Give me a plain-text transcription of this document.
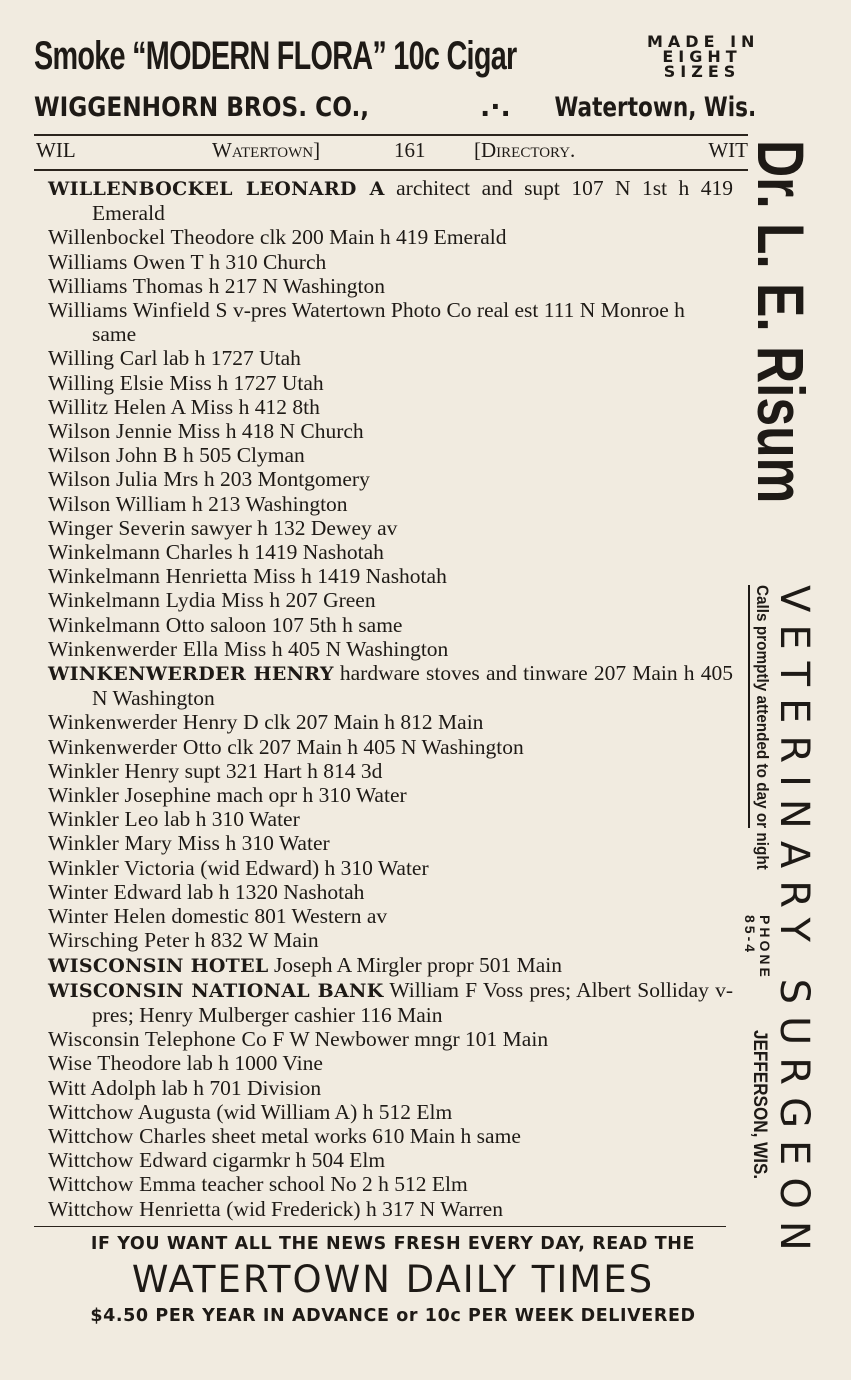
Smoke “MODERN FLORA” 10c Cigar	MADE IN
EIGHT
SIZES
WIGGENHORN BROS. CO.,	.·. Watertown, Wis.
WIL	Watertown]	161 [Directory.	WIT
WILLENBOCKEL LEONARD A architect and supt 107 N 1st h 419 Emerald
Willenbockel Theodore clk 200 Main h 419 Emerald
Williams Owen T h 310 Church
Williams Thomas h 217 N Washington
Williams Winfield S v-pres Watertown Photo Co real est 111 N Monroe h same
Willing Carl lab h 1727 Utah
Willing Elsie Miss h 1727 Utah
Willitz Helen A Miss h 412 8th
Wilson Jennie Miss h 418 N Church
Wilson John B h 505 Clyman
Wilson Julia Mrs h 203 Montgomery
Wilson William h 213 Washington
Winger Severin sawyer h 132 Dewey av
Winkelmann Charles h 1419 Nashotah
Winkelmann Henrietta Miss h 1419 Nashotah
Winkelmann Lydia Miss h 207 Green
Winkelmann Otto saloon 107 5th h same
Winkenwerder Ella Miss h 405 N Washington
WINKENWERDER HENRY hardware stoves and tinware 207 Main h 405 N Washington
Winkenwerder Henry D clk 207 Main h 812 Main
Winkenwerder Otto clk 207 Main h 405 N Washington
Winkler Henry supt 321 Hart h 814 3d
Winkler Josephine mach opr h 310 Water
Winkler Leo lab h 310 Water
Winkler Mary Miss h 310 Water
Winkler Victoria (wid Edward) h 310 Water
Winter Edward lab h 1320 Nashotah
Winter Helen domestic 801 Western av
Wirsching Peter h 832 W Main
WISCONSIN HOTEL Joseph A Mirgler propr 501 Main
WISCONSIN NATIONAL BANK William F Voss pres; Albert Solliday v-pres; Henry Mulberger cashier 116 Main
Wisconsin Telephone Co F W Newbower mngr 101 Main
Wise Theodore lab h 1000 Vine
Witt Adolph lab h 701 Division
Wittchow Augusta (wid William A) h 512 Elm
Wittchow Charles sheet metal works 610 Main h same
Wittchow Edward cigarmkr h 504 Elm
Wittchow Emma teacher school No 2 h 512 Elm
Wittchow Henrietta (wid Frederick) h 317 N Warren
Dr. L. E. Risum
VETERINARY SURGEON
Calls promptly attended to day or night
PHONE
85-4
JEFFERSON, WIS.
IF YOU WANT ALL THE NEWS FRESH EVERY DAY, READ THE
WATERTOWN DAILY TIMES
$4.50 PER YEAR IN ADVANCE or 10c PER WEEK DELIVERED
